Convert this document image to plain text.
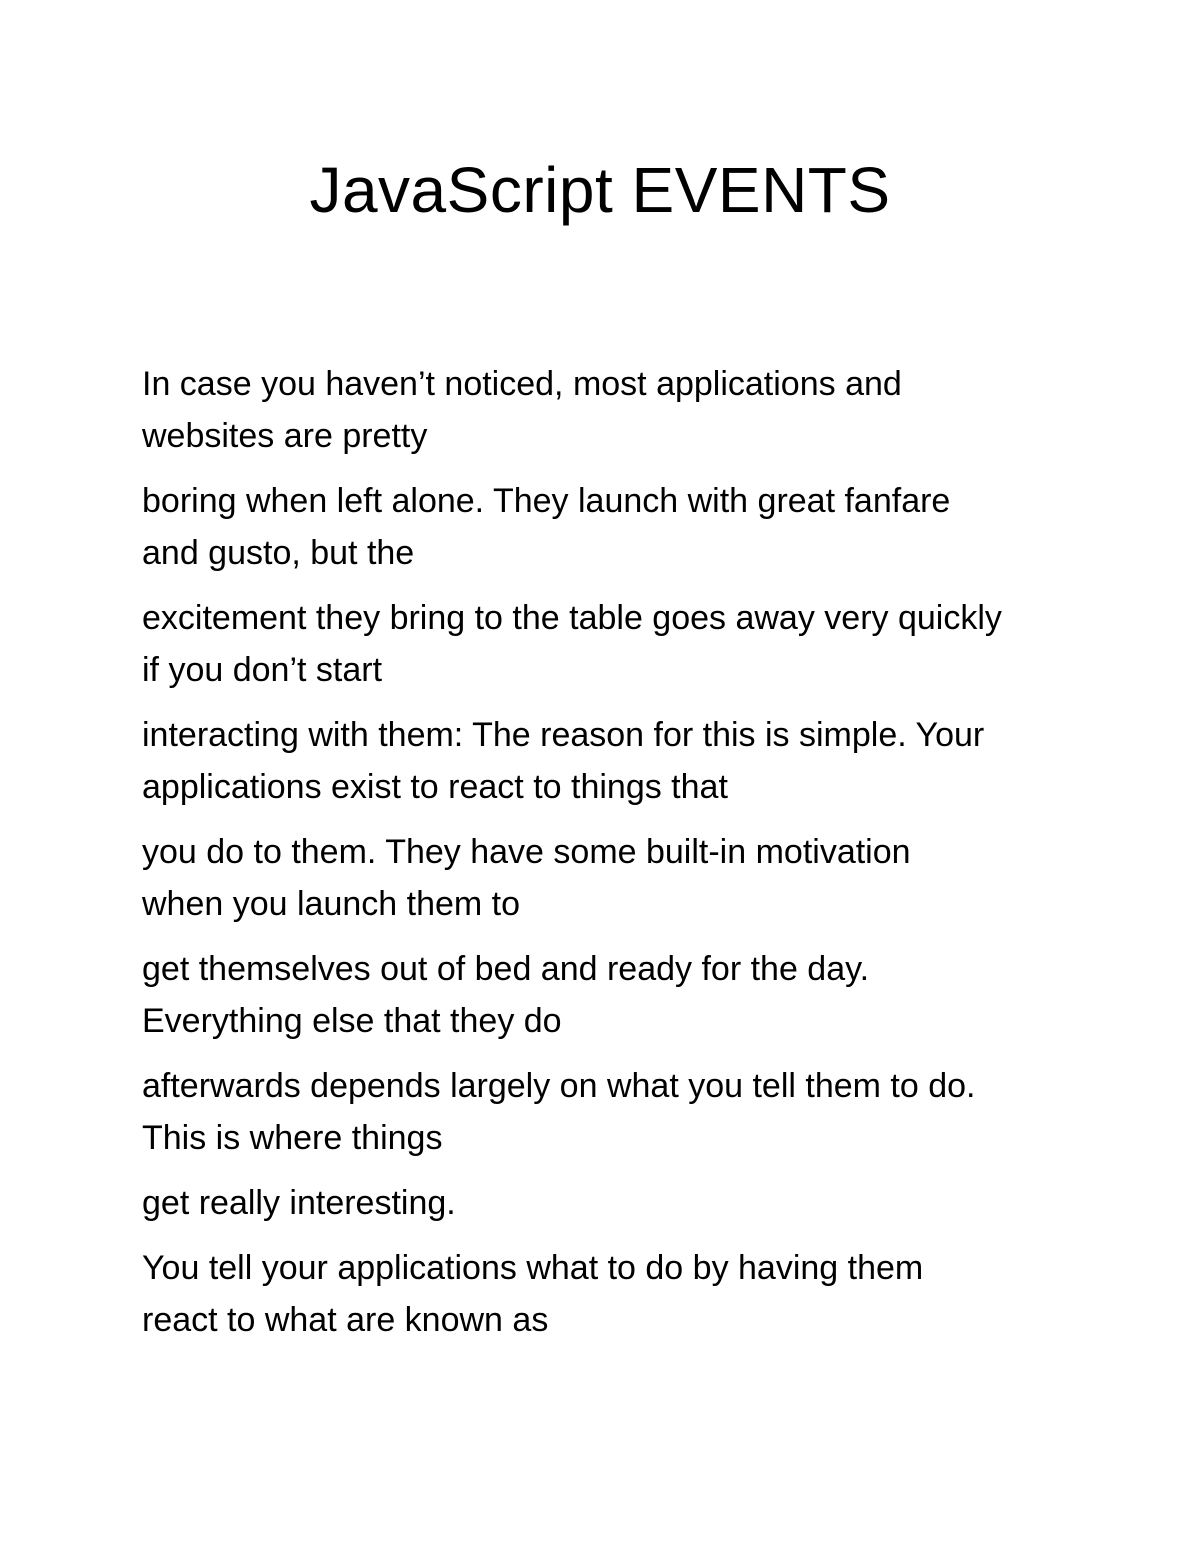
JavaScript EVENTS

In case you haven’t noticed, most applications and
websites are pretty

boring when left alone. They launch with great fanfare
and gusto, but the

excitement they bring to the table goes away very quickly
if you don’t start

interacting with them: The reason for this is simple. Your
applications exist to react to things that

you do to them. They have some built-in motivation
when you launch them to

get themselves out of bed and ready for the day.
Everything else that they do

afterwards depends largely on what you tell them to do.
This is where things

get really interesting.

You tell your applications what to do by having them
react to what are known as
